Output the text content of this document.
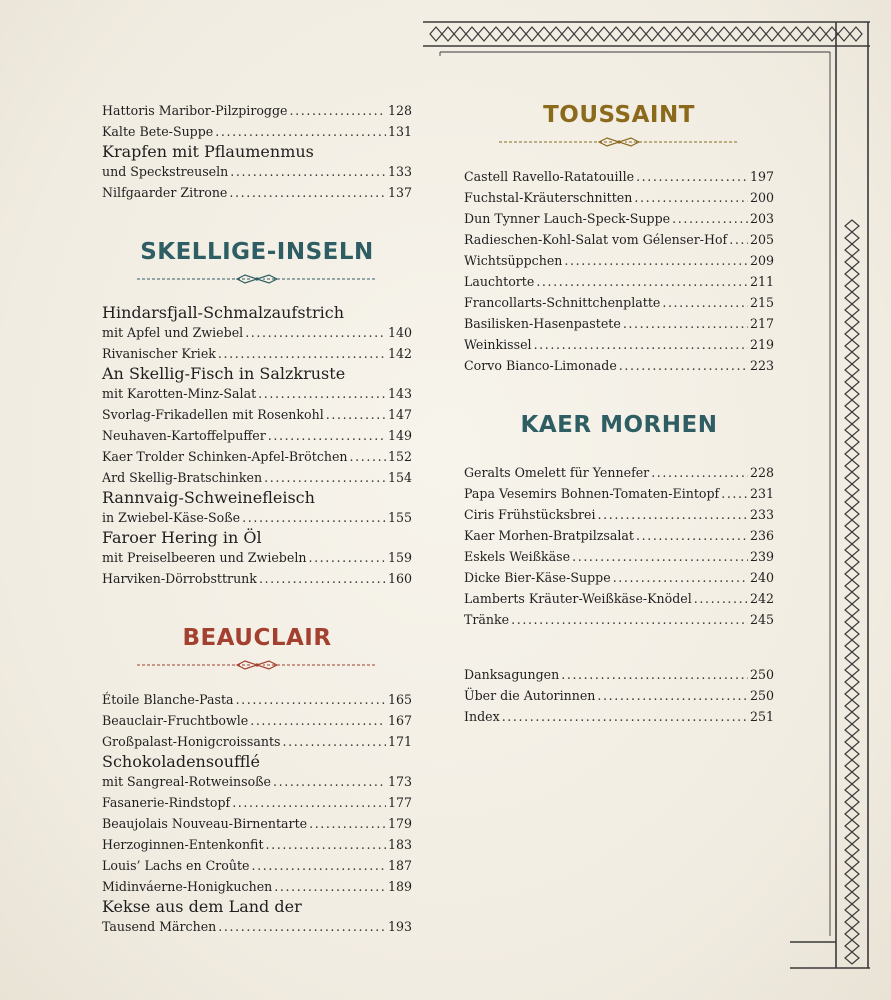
Hattoris Maribor-Pilzpirogge . . .	128
Kalte Bete-Suppe . . .	131
Krapfen mit Pflaumenmus
und Speckstreuseln . . .	133
Nilfgaarder Zitrone . . .	137
SKELLIGE-INSELN
Hindarsfjall-Schmalzaufstrich
mit Apfel und Zwiebel . . .	140
Rivanischer Kriek . . .	142
An Skellig-Fisch in Salzkruste
mit Karotten-Minz-Salat . . .	143
Svorlag-Frikadellen mit Rosenkohl . . .	147
Neuhaven-Kartoffelpuffer . . .	149
Kaer Trolder Schinken-Apfel-Brötchen . . .	152
Ard Skellig-Bratschinken . . .	154
Rannvaig-Schweinefleisch
in Zwiebel-Käse-Soße . . .	155
Faroer Hering in Öl
mit Preiselbeeren und Zwiebeln . . .	159
Harviken-Dörrobsttrunk . . .	160
BEAUCLAIR
Étoile Blanche-Pasta . . .	165
Beauclair-Fruchtbowle . . .	167
Großpalast-Honigcroissants . . .	171
Schokoladensoufflé
mit Sangreal-Rotweinsoße . . .	173
Fasanerie-Rindstopf . . .	177
Beaujolais Nouveau-Birnentarte . . .	179
Herzoginnen-Entenkonfit . . .	183
Louis’ Lachs en Croûte . . .	187
Midinváerne-Honigkuchen . . .	189
Kekse aus dem Land der
Tausend Märchen . . .	193
TOUSSAINT
Castell Ravello-Ratatouille . . .	197
Fuchstal-Kräuterschnitten . . .	200
Dun Tynner Lauch-Speck-Suppe . . .	203
Radieschen-Kohl-Salat vom Gélenser-Hof . . . 205
Wichtsüppchen . . .	209
Lauchtorte . . .	211
Francollarts-Schnittchenplatte . . .	215
Basilisken-Hasenpastete . . .	217
Weinkissel . . .	219
Corvo Bianco-Limonade . . .	223
KAER MORHEN
Geralts Omelett für Yennefer . . .	228
Papa Vesemirs Bohnen-Tomaten-Eintopf . . . 231
Ciris Frühstücksbrei . . .	233
Kaer Morhen-Bratpilzsalat . . .	236
Eskels Weißkäse . . .	239
Dicke Bier-Käse-Suppe . . .	240
Lamberts Kräuter-Weißkäse-Knödel . . .	242
Tränke . . .	245
Danksagungen . . .	250
Über die Autorinnen . . .	250
Index . . .	251
